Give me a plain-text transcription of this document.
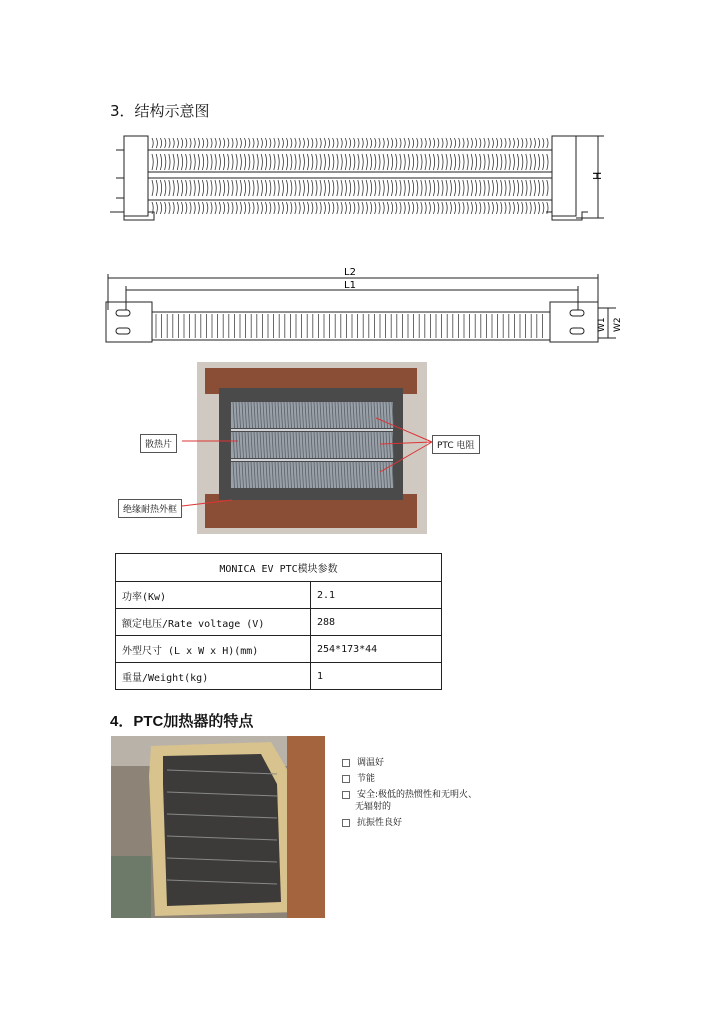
3．结构示意图
H
L2
L1
W1 W2
散热片	PTC 电阻
绝缘耐热外框
MONICA EV PTC模块参数	
功率(Kw)	2.1
额定电压/Rate voltage (V)	288
外型尺寸 (L x W x H)(mm)	254*173*44
重量/Weight(kg)	1
4．PTC加热器的特点
调温好
节能
安全:极低的热惯性和无明火、
无辐射的
抗振性良好
